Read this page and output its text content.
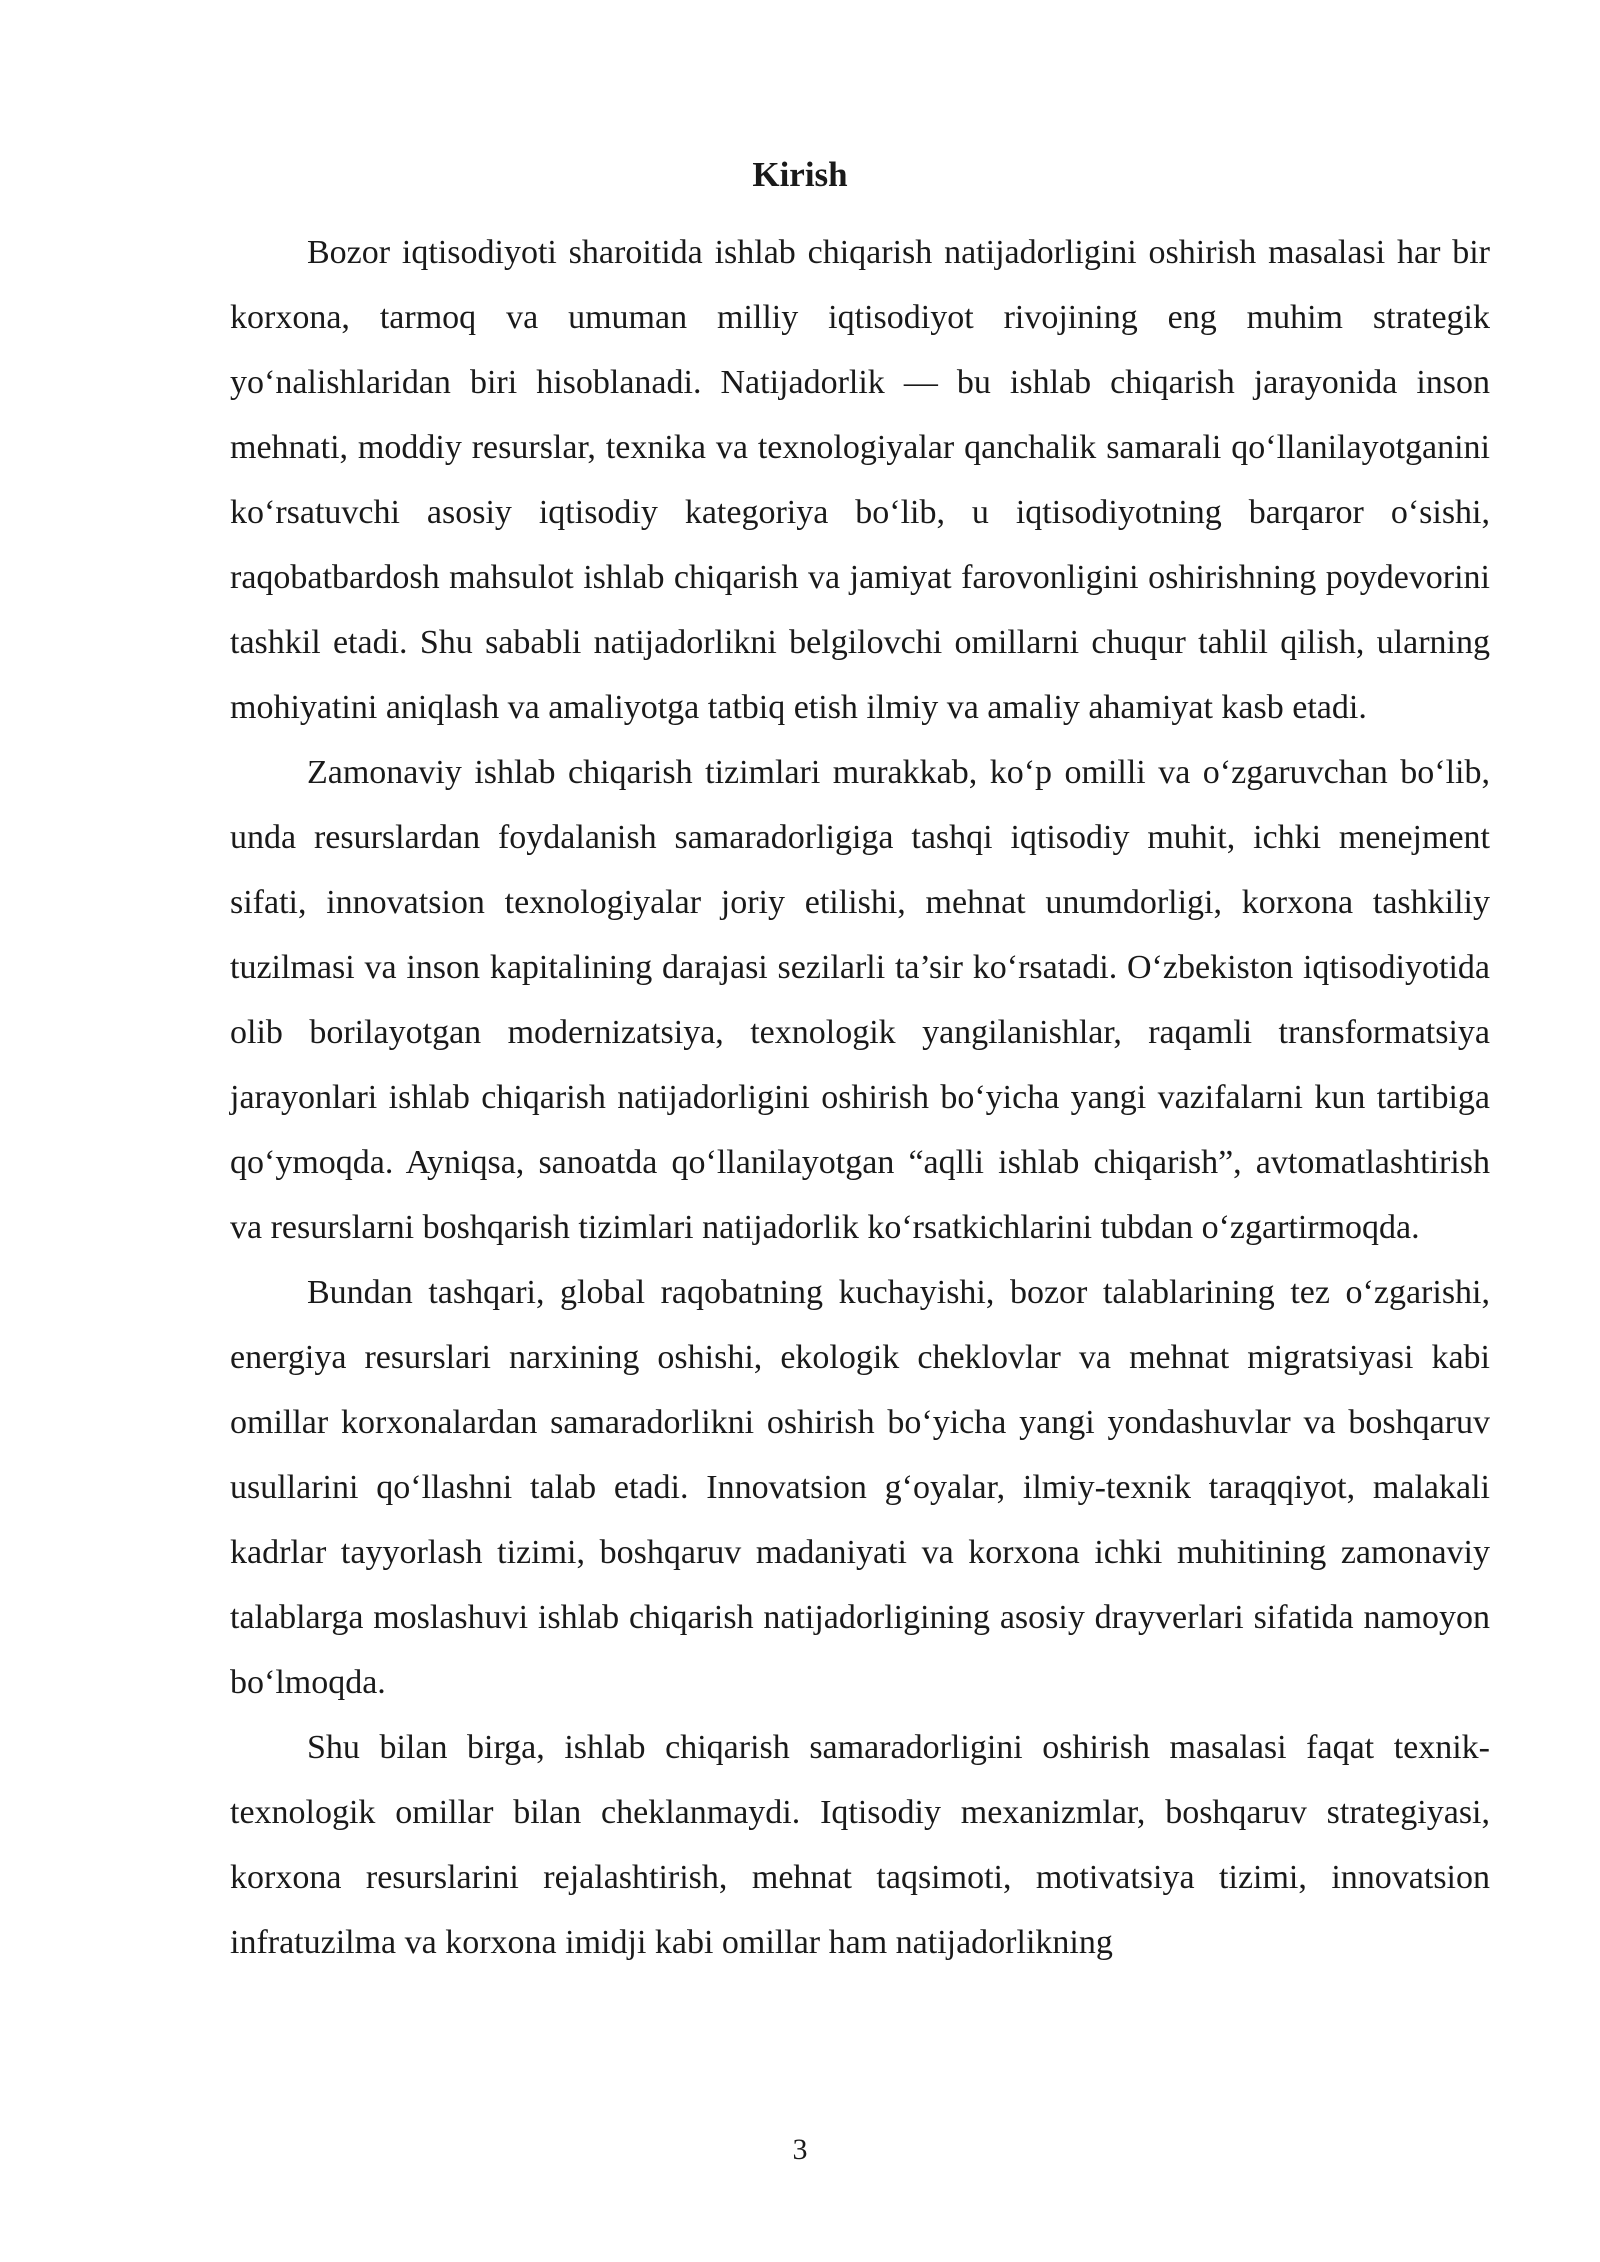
Kirish

Bozor iqtisodiyoti sharoitida ishlab chiqarish natijadorligini oshirish masalasi har bir korxona, tarmoq va umuman milliy iqtisodiyot rivojining eng muhim strategik yo‘nalishlaridan biri hisoblanadi. Natijadorlik — bu ishlab chiqarish jarayonida inson mehnati, moddiy resurslar, texnika va texnologiyalar qanchalik samarali qo‘llanilayotganini ko‘rsatuvchi asosiy iqtisodiy kategoriya bo‘lib, u iqtisodiyotning barqaror o‘sishi, raqobatbardosh mahsulot ishlab chiqarish va jamiyat farovonligini oshirishning poydevorini tashkil etadi. Shu sababli natijadorlikni belgilovchi omillarni chuqur tahlil qilish, ularning mohiyatini aniqlash va amaliyotga tatbiq etish ilmiy va amaliy ahamiyat kasb etadi.

Zamonaviy ishlab chiqarish tizimlari murakkab, ko‘p omilli va o‘zgaruvchan bo‘lib, unda resurslardan foydalanish samaradorligiga tashqi iqtisodiy muhit, ichki menejment sifati, innovatsion texnologiyalar joriy etilishi, mehnat unumdorligi, korxona tashkiliy tuzilmasi va inson kapitalining darajasi sezilarli ta’sir ko‘rsatadi. O‘zbekiston iqtisodiyotida olib borilayotgan modernizatsiya, texnologik yangilanishlar, raqamli transformatsiya jarayonlari ishlab chiqarish natijadorligini oshirish bo‘yicha yangi vazifalarni kun tartibiga qo‘ymoqda. Ayniqsa, sanoatda qo‘llanilayotgan “aqlli ishlab chiqarish”, avtomatlashtirish va resurslarni boshqarish tizimlari natijadorlik ko‘rsatkichlarini tubdan o‘zgartirmoqda.

Bundan tashqari, global raqobatning kuchayishi, bozor talablarining tez o‘zgarishi, energiya resurslari narxining oshishi, ekologik cheklovlar va mehnat migratsiyasi kabi omillar korxonalardan samaradorlikni oshirish bo‘yicha yangi yondashuvlar va boshqaruv usullarini qo‘llashni talab etadi. Innovatsion g‘oyalar, ilmiy-texnik taraqqiyot, malakali kadrlar tayyorlash tizimi, boshqaruv madaniyati va korxona ichki muhitining zamonaviy talablarga moslashuvi ishlab chiqarish natijadorligining asosiy drayverlari sifatida namoyon bo‘lmoqda.

Shu bilan birga, ishlab chiqarish samaradorligini oshirish masalasi faqat texnik-texnologik omillar bilan cheklanmaydi. Iqtisodiy mexanizmlar, boshqaruv strategiyasi, korxona resurslarini rejalashtirish, mehnat taqsimoti, motivatsiya tizimi, innovatsion infratuzilma va korxona imidji kabi omillar ham natijadorlikning

3
